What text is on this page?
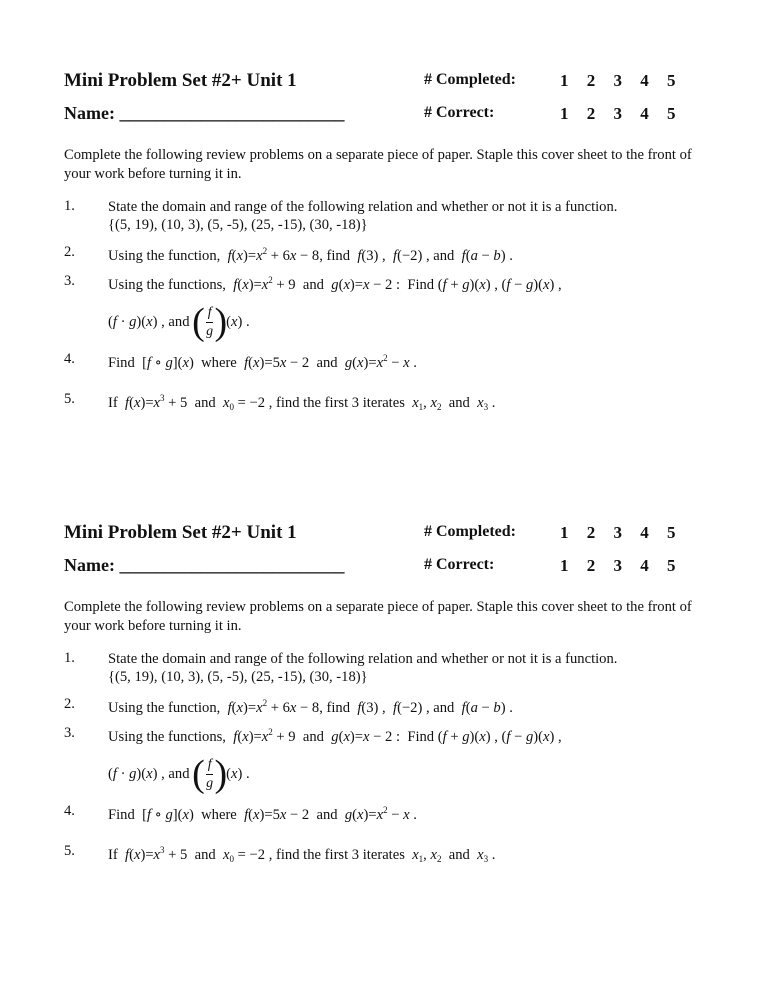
Mini Problem Set #2+ Unit 1
Name: _________________________
# Completed:
# Correct:
1 2 3 4 5
1 2 3 4 5
Complete the following review problems on a separate piece of paper. Staple this cover sheet to the front of your work before turning it in.
1. State the domain and range of the following relation and whether or not it is a function.
{(5, 19), (10, 3), (5, -5), (25, -15), (30, -18)}
2. Using the function, $f(x)=x^2 + 6x - 8$, find  f(3) ,  f(−2) , and  f(a − b) .
3. Using the functions, $f(x)=x^2 + 9$  and  g(x)=x − 2 :  Find (f + g)(x) , (f − g)(x) ,
(f · g)(x) , and ( f
g ) (x) .
4. Find  [f ∘ g](x)  where  f(x)=5x − 2  and  $g(x)=x^2 - x$ .
5. If $f(x)=x^3 + 5$  and  $x_0 = -2$ , find the first 3 iterates  $x_1$, $x_2$  and  $x_3$ .
Mini Problem Set #2+ Unit 1
Name: _________________________
# Completed:
# Correct:
1 2 3 4 5
1 2 3 4 5
Complete the following review problems on a separate piece of paper. Staple this cover sheet to the front of your work before turning it in.
1. State the domain and range of the following relation and whether or not it is a function.
{(5, 19), (10, 3), (5, -5), (25, -15), (30, -18)}
2. Using the function, $f(x)=x^2 + 6x - 8$, find  f(3) ,  f(−2) , and  f(a − b) .
3. Using the functions, $f(x)=x^2 + 9$  and  g(x)=x − 2 :  Find (f + g)(x) , (f − g)(x) ,
(f · g)(x) , and ( f
g ) (x) .
4. Find  [f ∘ g](x)  where  f(x)=5x − 2  and  $g(x)=x^2 - x$ .
5. If $f(x)=x^3 + 5$  and  $x_0 = -2$ , find the first 3 iterates  $x_1$, $x_2$  and  $x_3$ .
